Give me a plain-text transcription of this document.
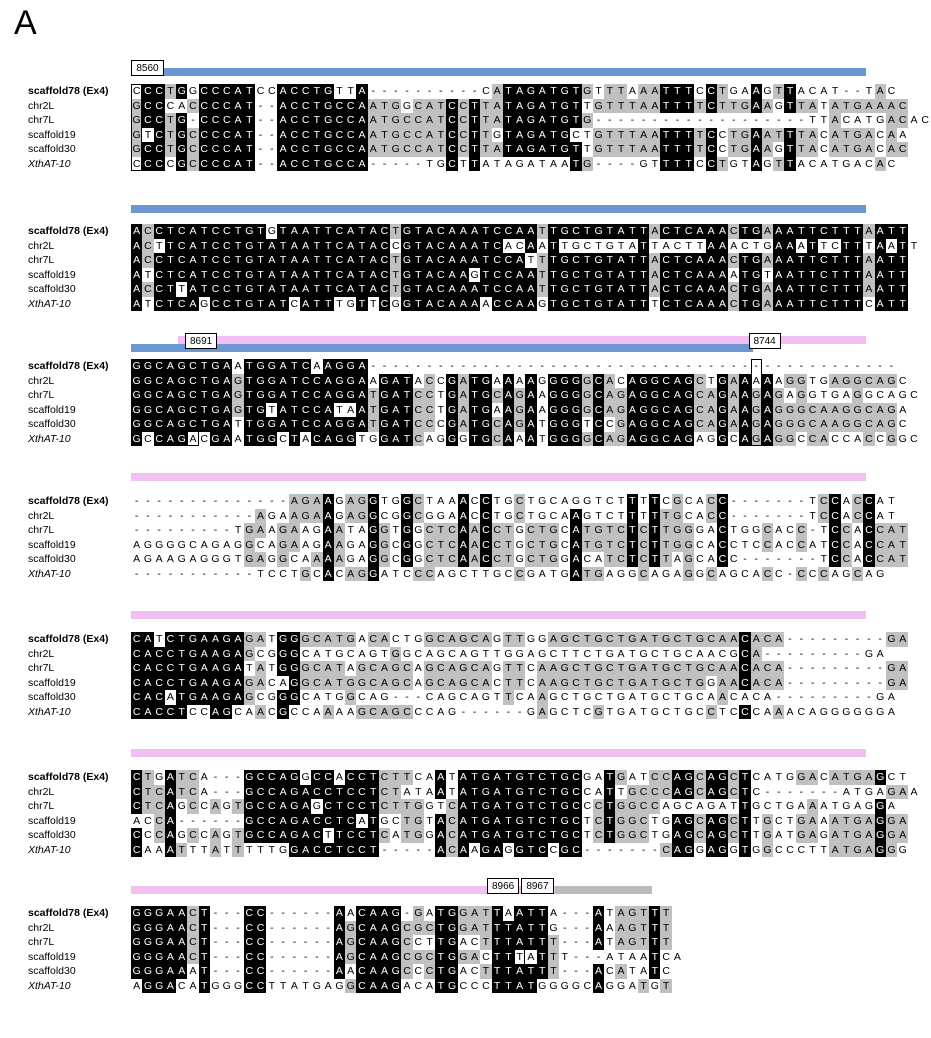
A
8560
scaffold78 (Ex4) C C C T G G C C C A T C C A C C T G T T A - - - - - - - - - - C A T A G A T G T G T T T A A A T T T C C T G A A G T T A C A T - - T A C
chr2L	G C C C A C C C C A T - - A C C T G C C A A T G G C A T C C T T A T A G A T G T T G T T T A A T T T T C T T G A A G T T A T A T G A A A C
chr7L	G C C T G - C C C A T - - A C C T G C C A A T G C C A T C C T T A T A G A T G T G - - - - - - - - - - - - - - - - - - - T T A C A T G A C A C
scaffold19	G T C T G C C C C A T - - A C C T G C C A A T G C C A T C C T T G T A G A T G C T G T T T A A T T T T C C T G A A T T T A C A T G A C A A
scaffold30	G C C T G C C C C A T - - A C C T G C C A A T G C C A T C C T T A T A G A T G T T G T T T A A T T T T C C T G A A G T T A C A T G A C A C
XthAT-10	C C C C G C C C C A T - - A C C T G C C A - - - - - T G C T T A T A G A T A A T G - - - - G T T T T C C T G T A G T T A C A T G A C A C
scaffold78 (Ex4) A C C T C A T C C T G T G T A A T T C A T A C T G T A C A A A T C C A A T T G C T G T A T T A C T C A A A C T G A A A T T C T T T A A T T
chr2L	A C T T C A T C C T G T A T A A T T C A T A C C G T A C A A A T C A C A A T T G C T G T A T T A C T T A A A C T G A A A T T C T T T A A T T
chr7L	A C C T C A T C C T G T A T A A T T C A T A C T G T A C A A A T C C A T T T G C T G T A T T A C T C A A A C T G A A A T T C T T T A A T T
scaffold19	A T C T C A T C C T G T A T A A T T C A T A C T G T A C A A G T C C A A T T G C T G T A T T A C T C A A A A T G T A A T T C T T T A A T T
scaffold30	A C C T T A T C C T G T A T A A T T C A T A C T G T A C A A A T C C A A T T G C T G T A T T A C T C A A A C T G A A A T T C T T T A A T T
XthAT-10	A T C T C A G C C T G T A T C A T T T G T T C G G T A C A A A A C C A A G T G C T G T A T T T C T C A A A C T G A A A T T C T T T C A T T
8691	8744
scaffold78 (Ex4) G G C A G C T G A A T G G A T C A A G G A - - - - - - - - - - - - - - - - - - - - - - - - - - - - - - - - - - - - - - - - - - - - - - -
chr2L	G G C A G C T G A G T G G A T C C A G G A A G A T A C C G A T G A A A A G G G G G C A C A G G C A G C T G A A A A A G G T G A G G C A G C
chr7L	G G C A G C T G A G T G G A T C C A G G A T G A T C C T G A T G C A G A A G G G G C A G A G G C A G C A G A A G A G A G G T G A G G C A G C
scaffold19	G G C A G C T G A G T G T A T C C A T A A T G A T C C T G A T G A A G A A G G G G C A G A G G C A G C A G A A G A G G G C A A G G C A G A
scaffold30	G G C A G C T G A T T G G A T C C A G G A T G A T C C C G A T G C A G A T G G G T C C G A G G C A G C A G A A G A G G G C A A G G C A G C
XthAT-10	G C C A G A C G A A T G G C T A C A G G T G G A T C A G G G T G C A A A T G G G G C A G A G G C A G A G G C A G A G G C C A C C A C C G G C
scaffold78 (Ex4)	- - - - - - - - - - - - - - A G A A G A G G T G G C T A A A C C T G C T G C A G G T C T T T T C G C A C C - - - - - - - T C C A C C A T
chr2L	- - - - - - - - - - - A G A A G A A G A G G C G G C G G A A C C T G C T G C A A G T C T T T T T G C A C C - - - - - - - T C C A C C A T
chr7L	- - - - - - - - - T G A A G A A G A A T A G G T G G C T C A A C C T G C T G C A T G T C T C T T G G G A C T G G C A C C - T C C A C C A T
scaffold19	A G G G G C A G A G G C A G A A G A A G A G G C G G C T C A A C C T G C T G C A T G T C T C T T G G C A C C T C C A C C A T C C A C C A T
scaffold30	A G A A G A G G G T G A G G C A A A A G A G G C G G C T C A A C C T G C T G G A C A T C T C T T A G C A C C - - - - - - - T C C A C C A T
XthAT-10	- - - - - - - - - - - T C C T G C A C A G G A T C C C A G C T T G C C G A T G A T G A G G C A G A G G C A G C A C C - C C C A G C A G
scaffold78 (Ex4) C A T C T G A A G A G A T G G G C A T G A C A C T G G C A G C A G T T G G A G C T G C T G A T G C T G C A A C A C A - - - - - - - - - G A
chr2L	C A C C T G A A G A G C G G G C A T G C A G T G G C A G C A G T T G G A G C T T C T G A T G C T G C A A C G C A - - - - - - - - - G A
chr7L	C A C C T G A A G A T A T G G G C A T A G C A G C A G C A G C A G T T C A A G C T G C T G A T G C T G C A A C A C A - - - - - - - - - G A
scaffold19	C A C C T G A A G A G A C A G G C A T G G C A G C A G C A G C A C T T C A A G C T G C T G A T G C T G G A A C A C A - - - - - - - - - G A
scaffold30	C A C A T G A A G A G C G G G C A T G G C A G - - - C A G C A G T T C A A G C T G C T G A T G C T G C A A C A C A - - - - - - - - - G A
XthAT-10	C A C C T C C A G C A A C G C C A A A A G C A G C C C A G - - - - - - G A G C T C G T G A T G C T G C C T C C C A A A C A G G G G G G A
scaffold78 (Ex4) C T G A T C A - - - G C C A G G C C A C C T C T T C A A T A T G A T G T C T G C G A T G A T C C A G C A G C T C A T G G A C A T G A G C T
chr2L	C T C A T C A - - - G C C A G A C C T C C T C T A T A A T A T G A T G T C T G C C A T T G C C C A G C A G C T C - - - - - - - A T G A G A A
chr7L	C T C A G C C A G T G C C A G A G C T C C T C T T G G T C A T G A T G T C T G C C C T G G C C A G C A G A T T G C T G A A A T G A G G A
scaffold19	A C C A - - - - - - G C C A G A C C T C A T G C T G T A C A T G A T G T C T G C T C T G G C T G A G C A G C T T G C T G A A A T G A G G A
scaffold30	C C C A G C C A G T G C C A G A C T T C C T C A T G G A C A T G A T G T C T G C T C T G G C T G A G C A G C T T G A T G A G A T G A G G A
XthAT-10	C A A A T T T A T T T T T G G A C C T C C T - - - - - A C A A G A G G T C C G C - - - - - - - C A G G A G G T G G C C C T T A T G A G G G
8966	8967
scaffold78 (Ex4) G G G A A C T - - - C C - - - - - - A A C A A G - G A T G G A T T A A T T A - - - A T A G T T T
chr2L	G G G A A C T - - - C C - - - - - - A G C A A G C G C T G G A T T T A T T G - - - A A A G T T T
chr7L	G G G A A C T - - - C C - - - - - - A G C A A G C C T T G A C T T T A T T T - - - A T A G T T T
scaffold19	G G G A A C T - - - C C - - - - - - A G C A A G C G C T G G A C T T T A T T T - - - A T A A T C A
scaffold30	G G G A A A T - - - C C - - - - - - A A C A A G C C C T G A C T T T A T T T - - - A C A T A T C
XthAT-10	A G G A C A T G G G C C T T A T G A G G C A A G A C A T G C C C T T A T G G G G C A G G A T G T
